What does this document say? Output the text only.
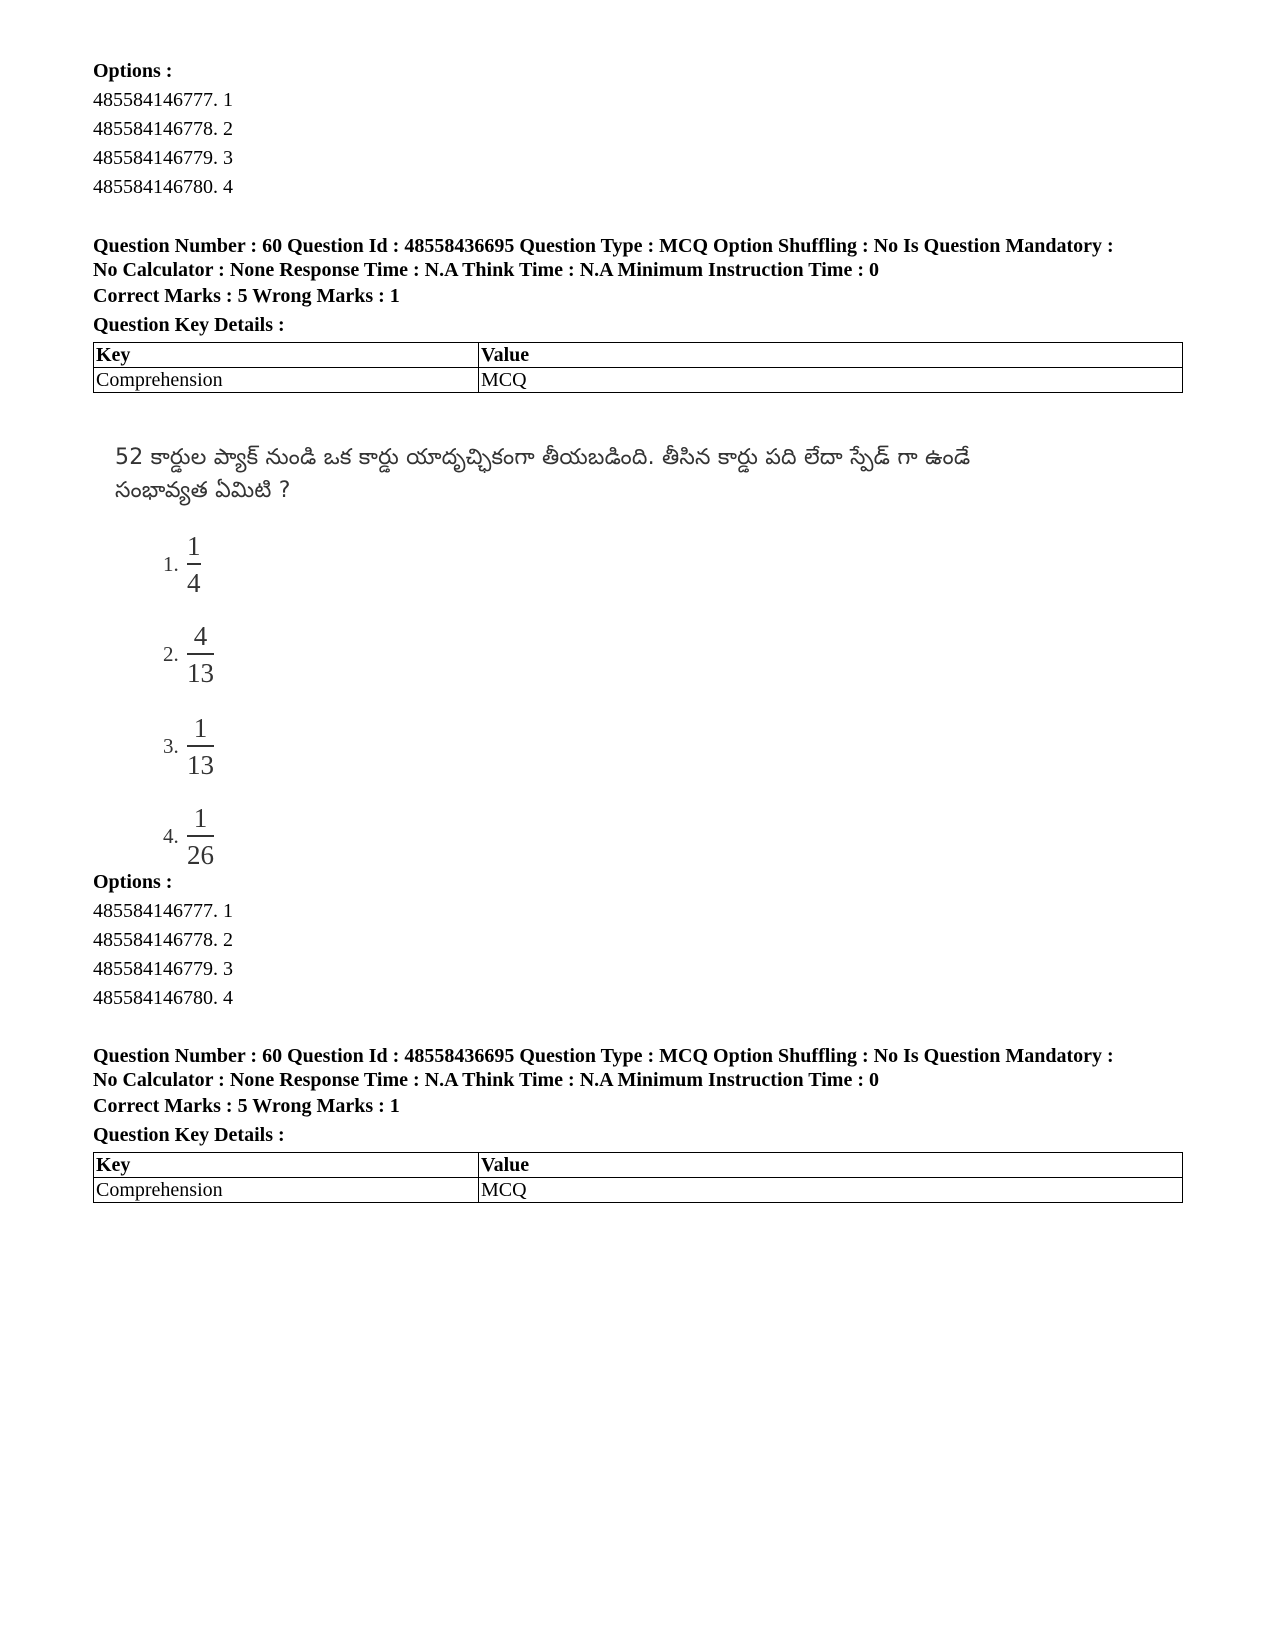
Options :
485584146777. 1
485584146778. 2
485584146779. 3
485584146780. 4
Question Number : 60 Question Id : 48558436695 Question Type : MCQ Option Shuffling : No Is Question Mandatory :
No Calculator : None Response Time : N.A Think Time : N.A Minimum Instruction Time : 0
Correct Marks : 5 Wrong Marks : 1
Question Key Details :
Key	Value
Comprehension	MCQ
52 కార్డుల ప్యాక్ నుండి ఒక కార్డు యాదృచ్ఛికంగా తీయబడింది. తీసిన కార్డు పది లేదా స్పేడ్ గా ఉండే
సంభావ్యత ఏమిటి ?
1. $\frac{1}{4}$
2. $\frac{4}{13}$
3. $\frac{1}{13}$
4. $\frac{1}{26}$
Options :
485584146777. 1
485584146778. 2
485584146779. 3
485584146780. 4
Question Number : 60 Question Id : 48558436695 Question Type : MCQ Option Shuffling : No Is Question Mandatory :
No Calculator : None Response Time : N.A Think Time : N.A Minimum Instruction Time : 0
Correct Marks : 5 Wrong Marks : 1
Question Key Details :
Key	Value
Comprehension	MCQ
